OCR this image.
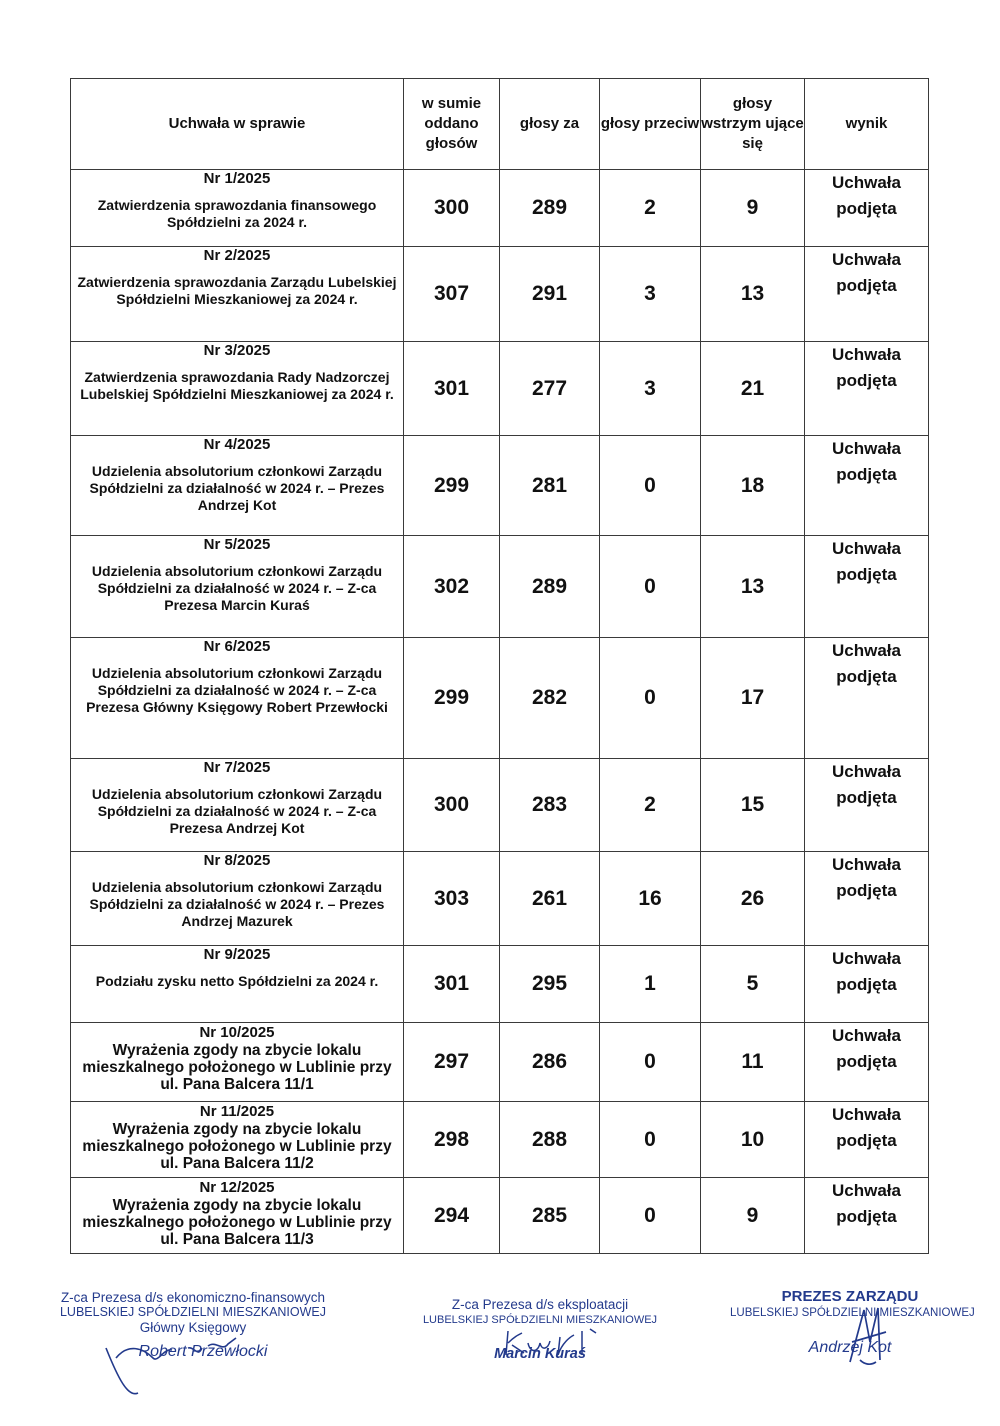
Uchwała w sprawie	w sumie oddano głosów	głosy za	głosy przeciw	głosy wstrzym ujące się	wynik

Nr 1/2025
Zatwierdzenia sprawozdania finansowego Spółdzielni za 2024 r.	300	289	2	9	Uchwała podjęta

Nr 2/2025
Zatwierdzenia sprawozdania Zarządu Lubelskiej Spółdzielni Mieszkaniowej za 2024 r.	307	291	3	13	Uchwała podjęta

Nr 3/2025
Zatwierdzenia sprawozdania Rady Nadzorczej Lubelskiej Spółdzielni Mieszkaniowej za 2024 r.	301	277	3	21	Uchwała podjęta

Nr 4/2025
Udzielenia absolutorium członkowi Zarządu Spółdzielni za działalność w 2024 r. – Prezes Andrzej Kot	299	281	0	18	Uchwała podjęta

Nr 5/2025
Udzielenia absolutorium członkowi Zarządu Spółdzielni za działalność w 2024 r. – Z-ca Prezesa Marcin Kuraś	302	289	0	13	Uchwała podjęta

Nr 6/2025
Udzielenia absolutorium członkowi Zarządu Spółdzielni za działalność w 2024 r. – Z-ca Prezesa Główny Księgowy Robert Przewłocki	299	282	0	17	Uchwała podjęta

Nr 7/2025
Udzielenia absolutorium członkowi Zarządu Spółdzielni za działalność w 2024 r. – Z-ca Prezesa Andrzej Kot	300	283	2	15	Uchwała podjęta

Nr 8/2025
Udzielenia absolutorium członkowi Zarządu Spółdzielni za działalność w 2024 r. – Prezes Andrzej Mazurek	303	261	16	26	Uchwała podjęta

Nr 9/2025
Podziału zysku netto Spółdzielni za 2024 r.	301	295	1	5	Uchwała podjęta

Nr 10/2025
Wyrażenia zgody na zbycie lokalu mieszkalnego położonego w Lublinie przy ul. Pana Balcera 11/1	297	286	0	11	Uchwała podjęta

Nr 11/2025
Wyrażenia zgody na zbycie lokalu mieszkalnego położonego w Lublinie przy ul. Pana Balcera 11/2	298	288	0	10	Uchwała podjęta

Nr 12/2025
Wyrażenia zgody na zbycie lokalu mieszkalnego położonego w Lublinie przy ul. Pana Balcera 11/3	294	285	0	9	Uchwała podjęta
Z-ca Prezesa d/s ekonomiczno-finansowych
LUBELSKIEJ SPÓŁDZIELNI MIESZKANIOWEJ
Główny Księgowy
Robert Przewłocki
Z-ca Prezesa d/s eksploatacji
LUBELSKIEJ SPÓŁDZIELNI MIESZKANIOWEJ
Marcin Kuraś
PREZES ZARZĄDU
LUBELSKIEJ SPÓŁDZIELNI MIESZKANIOWEJ
Andrzej Kot
